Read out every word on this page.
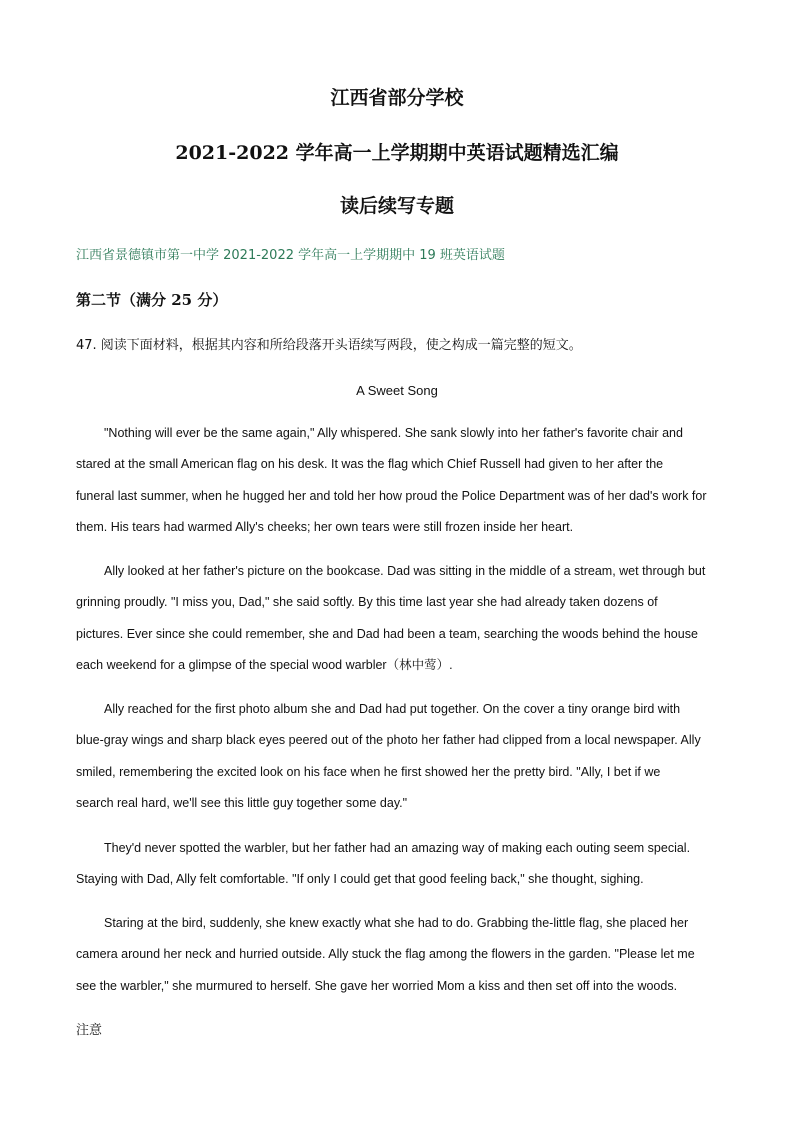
江西省部分学校
2021-2022 学年高一上学期期中英语试题精选汇编
读后续写专题
江西省景德镇市第一中学 2021-2022 学年高一上学期期中 19 班英语试题
第二节（满分 25 分）
47. 阅读下面材料，根据其内容和所给段落开头语续写两段，使之构成一篇完整的短文。
A Sweet Song
"Nothing will ever be the same again," Ally whispered. She sank slowly into her father's favorite chair and
stared at the small American flag on his desk. It was the flag which Chief Russell had given to her after the
funeral last summer, when he hugged her and told her how proud the Police Department was of her dad's work for
them. His tears had warmed Ally's cheeks; her own tears were still frozen inside her heart.
Ally looked at her father's picture on the bookcase. Dad was sitting in the middle of a stream, wet through but
grinning proudly. "I miss you, Dad," she said softly. By this time last year she had already taken dozens of
pictures. Ever since she could remember, she and Dad had been a team, searching the woods behind the house
each weekend for a glimpse of the special wood warbler（林中莺）.
Ally reached for the first photo album she and Dad had put together. On the cover a tiny orange bird with
blue-gray wings and sharp black eyes peered out of the photo her father had clipped from a local newspaper. Ally
smiled, remembering the excited look on his face when he first showed her the pretty bird. "Ally, I bet if we
search real hard, we'll see this little guy together some day."
They'd never spotted the warbler, but her father had an amazing way of making each outing seem special.
Staying with Dad, Ally felt comfortable. "If only I could get that good feeling back," she thought, sighing.
Staring at the bird, suddenly, she knew exactly what she had to do. Grabbing the-little flag, she placed her
camera around her neck and hurried outside. Ally stuck the flag among the flowers in the garden. "Please let me
see the warbler," she murmured to herself. She gave her worried Mom a kiss and then set off into the woods.
注意
